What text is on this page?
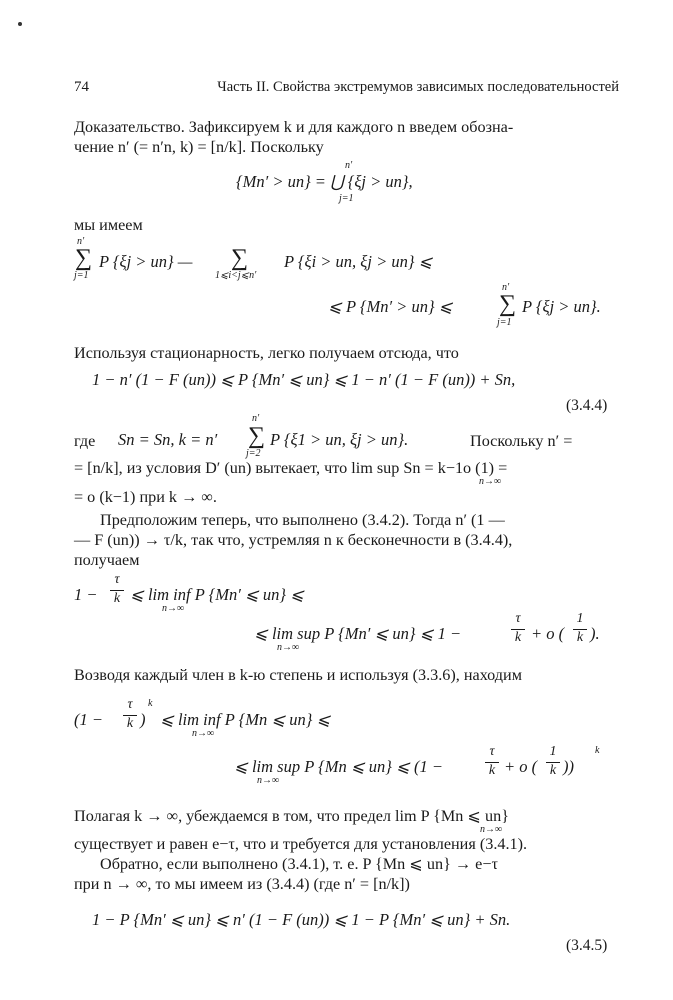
74	Часть II. Свойства экстремумов зависимых последовательностей
Доказательство. Зафиксируем k и для каждого n введем обозна-
чение n′ (= n′n, k) = [n/k]. Поскольку
{Mn′ > un} = ⋃ {ξj > un},
n′
j=1
мы имеем
n′
∑
j=1
P {ξj > un} — ∑
1⩽i<j⩽n′
P {ξi > un, ξj > un} ⩽
⩽ P {Mn′ > un} ⩽
n′
∑
j=1
P {ξj > un}.
Используя стационарность, легко получаем отсюда, что
1 − n′ (1 − F (un)) ⩽ P {Mn′ ⩽ un} ⩽ 1 − n′ (1 − F (un)) + Sn,
(3.4.4)
где Sn = Sn, k = n′
n′
∑
j=2
P {ξ1 > un, ξj > un}.	Поскольку n′ =
= [n/k], из условия D′ (un) вытекает, что lim sup Sn = k−1o (1) =
n→∞
= o (k−1) при k → ∞.
Предположим теперь, что выполнено (3.4.2). Тогда n′ (1 —
— F (un)) → τ/k, так что, устремляя n к бесконечности в (3.4.4),
получаем
1 −
τ
k ⩽ lim inf P {Mn′ ⩽ un} ⩽
n→∞
⩽ lim sup P {Mn′ ⩽ un} ⩽ 1 −
n→∞
τ
k + o (
1
k ).
Возводя каждый член в k-ю степень и используя (3.3.6), находим
(1 −
τ
k )
k
⩽ lim inf P {Mn ⩽ un} ⩽
n→∞
⩽ lim sup P {Mn ⩽ un} ⩽ (1 −
n→∞
τ
k + o (
1
k ))
k
Полагая k → ∞, убеждаемся в том, что предел lim P {Mn ⩽ un}
n→∞
существует и равен e−τ, что и требуется для установления (3.4.1).
Обратно, если выполнено (3.4.1), т. е. P {Mn ⩽ un} → e−τ
при n → ∞, то мы имеем из (3.4.4) (где n′ = [n/k])
1 − P {Mn′ ⩽ un} ⩽ n′ (1 − F (un)) ⩽ 1 − P {Mn′ ⩽ un} + Sn.
(3.4.5)
